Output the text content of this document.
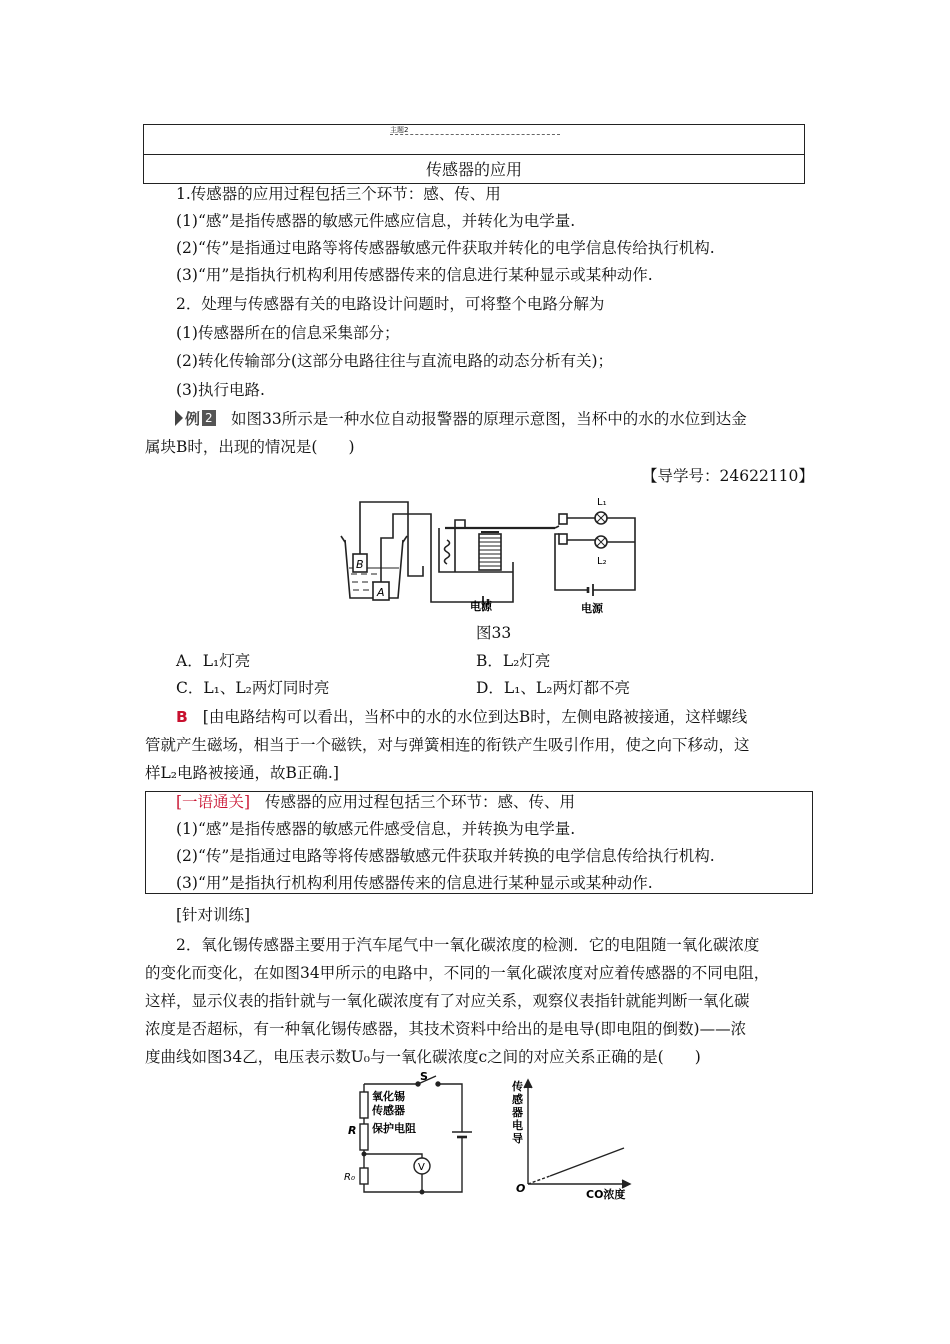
主题2
传感器的应用
1.传感器的应用过程包括三个环节：感、传、用
(1)“感”是指传感器的敏感元件感应信息，并转化为电学量.
(2)“传”是指通过电路等将传感器敏感元件获取并转化的电学信息传给执行机构.
(3)“用”是指执行机构利用传感器传来的信息进行某种显示或某种动作.
2．处理与传感器有关的电路设计问题时，可将整个电路分解为
(1)传感器所在的信息采集部分；
(2)转化传输部分(这部分电路往往与直流电路的动态分析有关)；
(3)执行电路.
例 2 如图33所示是一种水位自动报警器的原理示意图，当杯中的水的水位到达金
属块B时，出现的情况是(　　)
【导学号：24622110】
B
A
L₁
L₂
电源	电源
图33
A．L₁灯亮	B．L₂灯亮
C．L₁、L₂两灯同时亮	D．L₁、L₂两灯都不亮
B [由电路结构可以看出，当杯中的水的水位到达B时，左侧电路被接通，这样螺线
管就产生磁场，相当于一个磁铁，对与弹簧相连的衔铁产生吸引作用，使之向下移动，这
样L₂电路被接通，故B正确.]
[一语通关] 传感器的应用过程包括三个环节：感、传、用
(1)“感”是指传感器的敏感元件感受信息，并转换为电学量.
(2)“传”是指通过电路等将传感器敏感元件获取并转换的电学信息传给执行机构.
(3)“用”是指执行机构利用传感器传来的信息进行某种显示或某种动作.
[针对训练]
2．氧化锡传感器主要用于汽车尾气中一氧化碳浓度的检测．它的电阻随一氧化碳浓度
的变化而变化，在如图34甲所示的电路中，不同的一氧化碳浓度对应着传感器的不同电阻，
这样，显示仪表的指针就与一氧化碳浓度有了对应关系，观察仪表指针就能判断一氧化碳
浓度是否超标，有一种氧化锡传感器，其技术资料中给出的是电导(即电阻的倒数)——浓
度曲线如图34乙，电压表示数U₀与一氧化碳浓度c之间的对应关系正确的是(　　)
S
氧化锡
传感器
R 保护电阻
V
R₀
传
感
器
电
导
O	CO浓度
